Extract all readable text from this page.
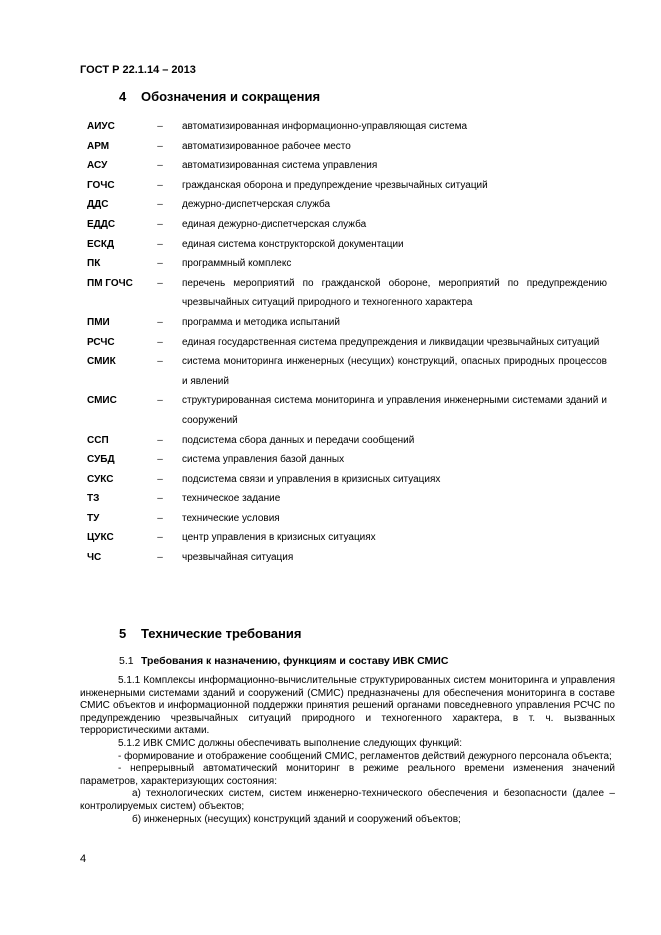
ГОСТ Р 22.1.14 – 2013
4 Обозначения и сокращения
АИУС	–	автоматизированная информационно-управляющая система
АРМ	–	автоматизированное рабочее место
АСУ	–	автоматизированная система управления
ГОЧС	–	гражданская оборона и предупреждение чрезвычайных ситуаций
ДДС	–	дежурно-диспетчерская служба
ЕДДС	–	единая дежурно-диспетчерская служба
ЕСКД	–	единая система конструкторской документации
ПК	–	программный комплекс
ПМ ГОЧС	–	перечень мероприятий по гражданской обороне, мероприятий по предупреждению чрезвычайных ситуаций природного и техногенного характера
ПМИ	–	программа и методика испытаний
РСЧС	–	единая государственная система предупреждения и ликвидации чрезвычайных ситуаций
СМИК	–	система мониторинга инженерных (несущих) конструкций, опасных природных процессов и явлений
СМИС	–	структурированная система мониторинга и управления инженерными системами зданий и сооружений
ССП	–	подсистема сбора данных и передачи сообщений
СУБД	–	система управления базой данных
СУКС	–	подсистема связи и управления в кризисных ситуациях
ТЗ	–	техническое задание
ТУ	–	технические условия
ЦУКС	–	центр управления в кризисных ситуациях
ЧС	–	чрезвычайная ситуация
5 Технические требования
5.1 Требования к назначению, функциям и составу ИВК СМИС

5.1.1 Комплексы информационно-вычислительные структурированных систем мониторинга и управления инженерными системами зданий и сооружений (СМИС) предназначены для обеспечения мониторинга в составе СМИС объектов и информационной поддержки принятия решений органами повседневного управления РСЧС по предупреждению чрезвычайных ситуаций природного и техногенного характера, в т. ч. вызванных террористическими актами.

5.1.2 ИВК СМИС должны обеспечивать выполнение следующих функций:

- формирование и отображение сообщений СМИС, регламентов действий дежурного персонала объекта;

- непрерывный автоматический мониторинг в режиме реального времени изменения значений параметров, характеризующих состояния:

а) технологических систем, систем инженерно-технического обеспечения и безопасности (далее – контролируемых систем) объектов;

б) инженерных (несущих) конструкций зданий и сооружений объектов;

4
